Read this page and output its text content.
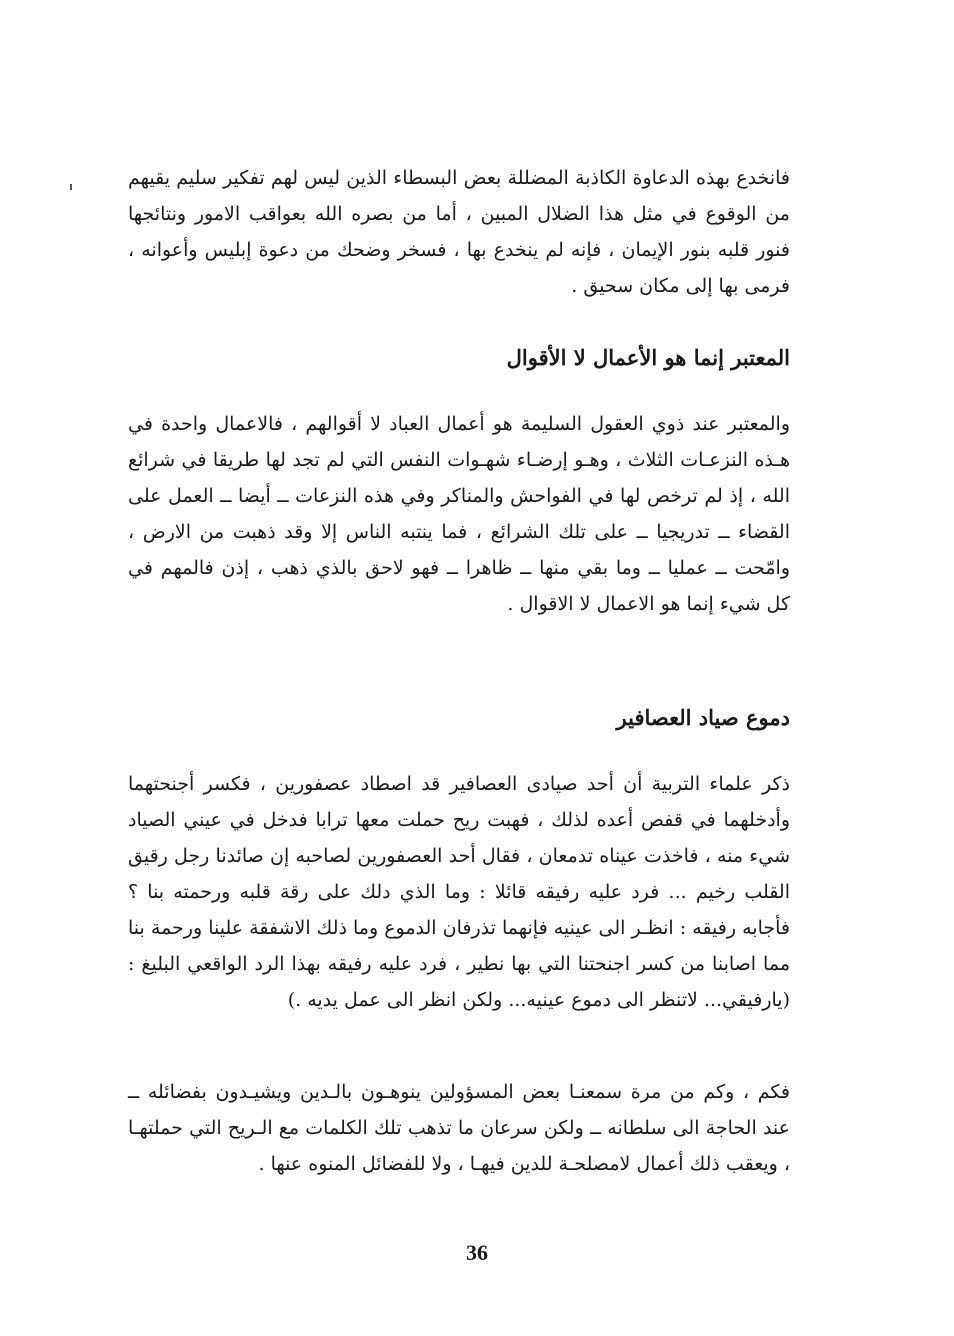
فانخدع بهذه الدعاوة الكاذبة المضللة بعض البسطاء الذين ليس لهم تفكير سليم يقيهم من الوقوع في مثل هذا الضلال المبين ، أما من بصره الله بعواقب الامور ونتائجها فنور قلبه بنور الإيمان ، فإنه لم ينخدع بها ، فسخر وضحك من دعوة إبليس وأعوانه ، فرمى بها إلى مكان سحيق .

المعتبر إنما هو الأعمال لا الأقوال

والمعتبر عند ذوي العقول السليمة هو أعمال العباد لا أقوالهم ، فالاعمال واحدة في هـذه النزعـات الثلاث ، وهـو إرضـاء شهـوات النفس التي لم تجد لها طريقا في شرائع الله ، إذ لم ترخص لها في الفواحش والمناكر وفي هذه النزعات ــ أيضا ــ العمل على القضاء ــ تدريجيا ــ على تلك الشرائع ، فما ينتبه الناس إلا وقد ذهبت من الارض ، وامّحت ــ عمليا ــ وما بقي منها ــ ظاهرا ــ فهو لاحق بالذي ذهب ، إذن فالمهم في كل شيء إنما هو الاعمال لا الاقوال .

دموع صياد العصافير

ذكر علماء التربية أن أحد صيادى العصافير قد اصطاد عصفورين ، فكسر أجنحتهما وأدخلهما في قفص أعده لذلك ، فهبت ريح حملت معها ترابا فدخل في عيني الصياد شيء منه ، فاخذت عيناه تدمعان ، فقال أحد العصفورين لصاحبه إن صائدنا رجل رقيق القلب رخيم ... فرد عليه رفيقه قائلا : وما الذي دلك على رقة قلبه ورحمته بنا ؟ فأجابه رفيقه : انظـر الى عينيه فإنهما تذرفان الدموع وما ذلك الاشفقة علينا ورحمة بنا مما اصابنا من كسر اجنحتنا التي بها نطير ، فرد عليه رفيقه بهذا الرد الواقعي البليغ : (يارفيقي... لاتنظر الى دموع عينيه... ولكن انظر الى عمل يديه .)

فكم ، وكم من مرة سمعنـا بعض المسؤولين ينوهـون بالـدين ويشيـدون بفضائله ــ عند الحاجة الى سلطانه ــ ولكن سرعان ما تذهب تلك الكلمات مع الـريح التي حملتهـا ، ويعقب ذلك أعمال لامصلحـة للدين فيهـا ، ولا للفضائل المنوه عنها .

36
